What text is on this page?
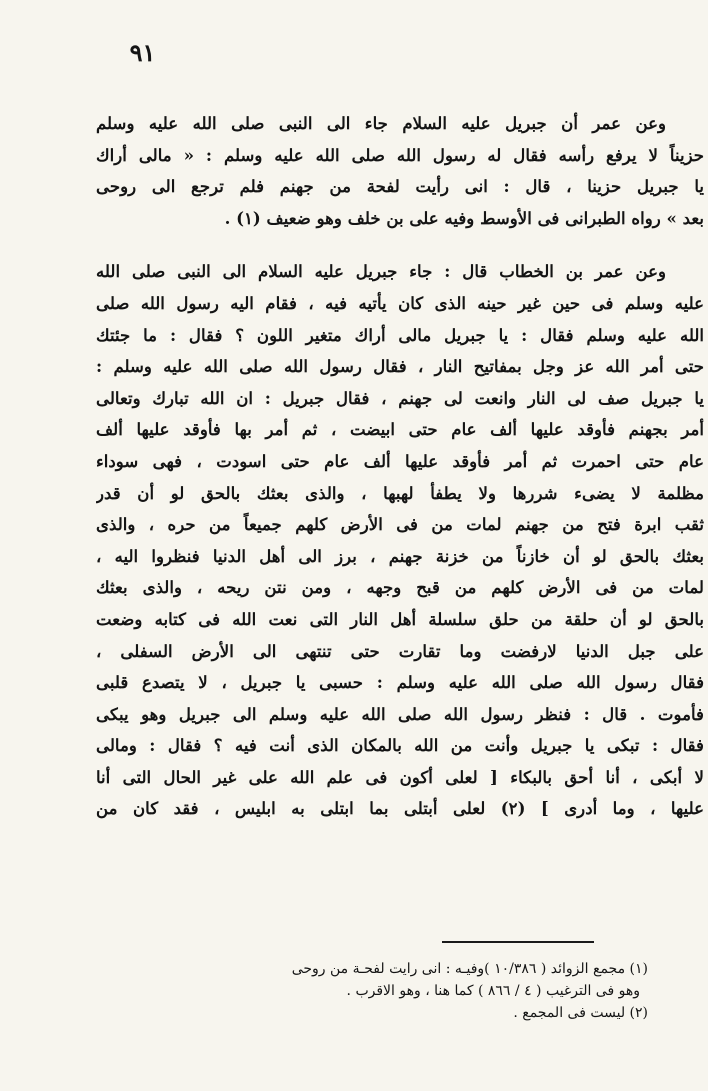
٩١
وعن عمر أن جبريل عليه السلام جاء الى النبى صلى الله عليه وسلم
حزيناً لا يرفع رأسه فقال له رسول الله صلى الله عليه وسلم : « مالى أراك
يا جبريل حزينا ، قال : انى رأيت لفحة من جهنم فلم ترجع الى روحى
بعد » رواه الطبرانى فى الأوسط وفيه على بن خلف وهو ضعيف (١) .
وعن عمر بن الخطاب قال : جاء جبريل عليه السلام الى النبى صلى الله
عليه وسلم فى حين غير حينه الذى كان يأتيه فيه ، فقام اليه رسول الله صلى
الله عليه وسلم فقال : يا جبريل مالى أراك متغير اللون ؟ فقال : ما جئتك
حتى أمر الله عز وجل بمفاتيح النار ، فقال رسول الله صلى الله عليه وسلم :
يا جبريل صف لى النار وانعت لى جهنم ، فقال جبريل : ان الله تبارك وتعالى
أمر بجهنم فأوقد عليها ألف عام حتى ابيضت ، ثم أمر بها فأوقد عليها ألف
عام حتى احمرت ثم أمر فأوقد عليها ألف عام حتى اسودت ، فهى سوداء
مظلمة لا يضىء شررها ولا يطفأ لهبها ، والذى بعثك بالحق لو أن قدر
ثقب ابرة فتح من جهنم لمات من فى الأرض كلهم جميعاً من حره ، والذى
بعثك بالحق لو أن خازناً من خزنة جهنم ، برز الى أهل الدنيا فنظروا اليه ،
لمات من فى الأرض كلهم من قبح وجهه ، ومن نتن ريحه ، والذى بعثك
بالحق لو أن حلقة من حلق سلسلة أهل النار التى نعت الله فى كتابه وضعت
على جبل الدنيا لارفضت وما تقارت حتى تنتهى الى الأرض السفلى ،
فقال رسول الله صلى الله عليه وسلم : حسبى يا جبريل ، لا يتصدع قلبى
فأموت . قال : فنظر رسول الله صلى الله عليه وسلم الى جبريل وهو يبكى
فقال : تبكى يا جبريل وأنت من الله بالمكان الذى أنت فيه ؟ فقال : ومالى
لا أبكى ، أنا أحق بالبكاء [ لعلى أكون فى علم الله على غير الحال التى أنا
عليها ، وما أدرى ] (٢) لعلى أبتلى بما ابتلى به ابليس ، فقد كان من
(١) مجمع الزوائد ( ١٠/٣٨٦ )وفيـه : انى رايت لفحـة من روحى
وهو فى الترغيب ( ٤ / ٨٦٦ ) كما هنا ، وهو الاقرب .
(٢) ليست فى المجمع .
